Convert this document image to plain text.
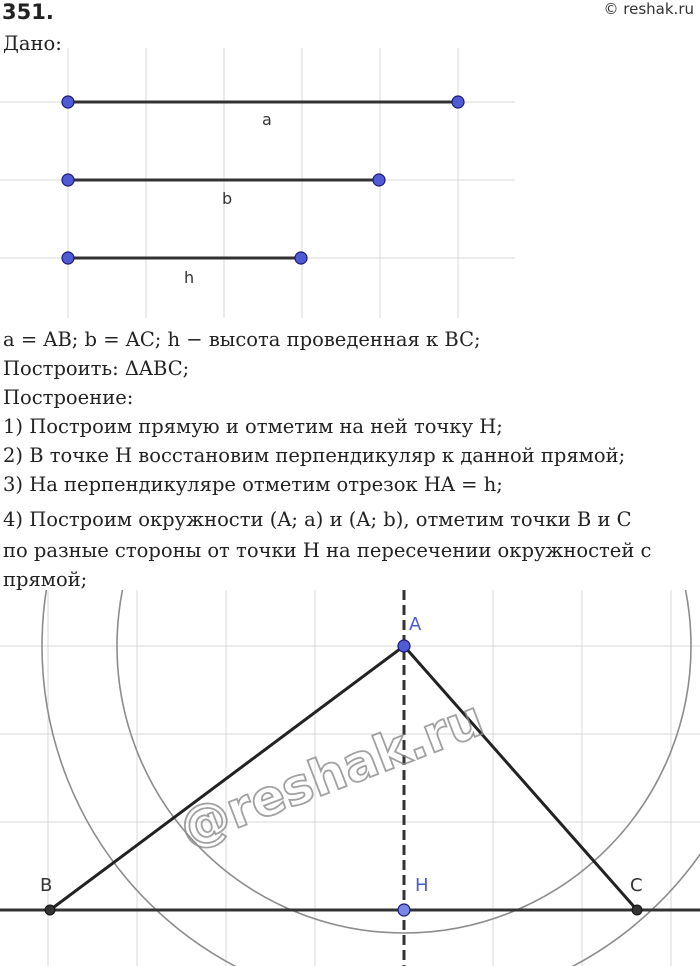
351.	© reshak.ru
Дано:
a
b
h
a = AB; b = AC; h − высота проведенная к BC;
Построить: ΔABC;
Построение:
1) Построим прямую и отметим на ней точку H;
2) В точке H восстановим перпендикуляр к данной прямой;
3) На перпендикуляре отметим отрезок HA = h;
4) Построим окружности (A; a) и (A; b), отметим точки B и C
по разные стороны от точки H на пересечении окружностей с
прямой;
A
H
B	C
@reshak.ru
